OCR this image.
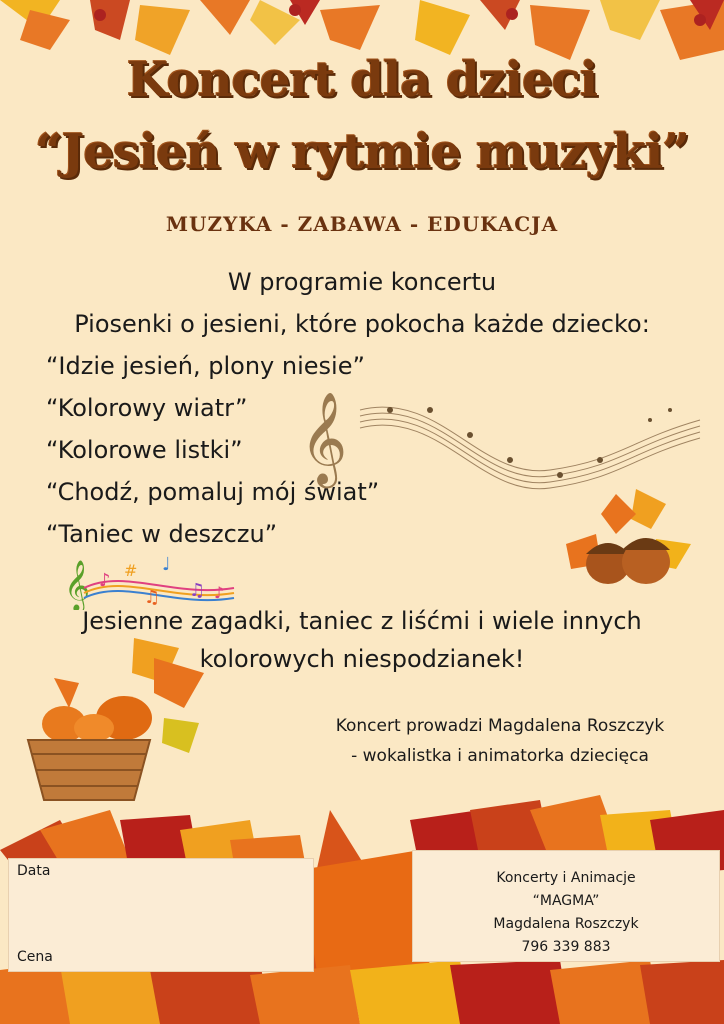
Koncert dla dzieci
“Jesień w rytmie muzyki”
MUZYKA - ZABAWA - EDUKACJA
W programie koncertu
Piosenki o jesieni, które pokocha każde dziecko:
“Idzie jesień, plony niesie”
“Kolorowy wiatr”
“Kolorowe listki”
“Chodź, pomaluj mój świat”
“Taniec w deszczu”
𝄞
𝄞 ♪ #
♫
♩
♫ ♪
Jesienne zagadki, taniec z liśćmi i wiele innych
kolorowych niespodzianek!
Koncert prowadzi Magdalena Roszczyk
- wokalistka i animatorka dziecięca
Data
Cena
Koncerty i Animacje
“MAGMA”
Magdalena Roszczyk
796 339 883
